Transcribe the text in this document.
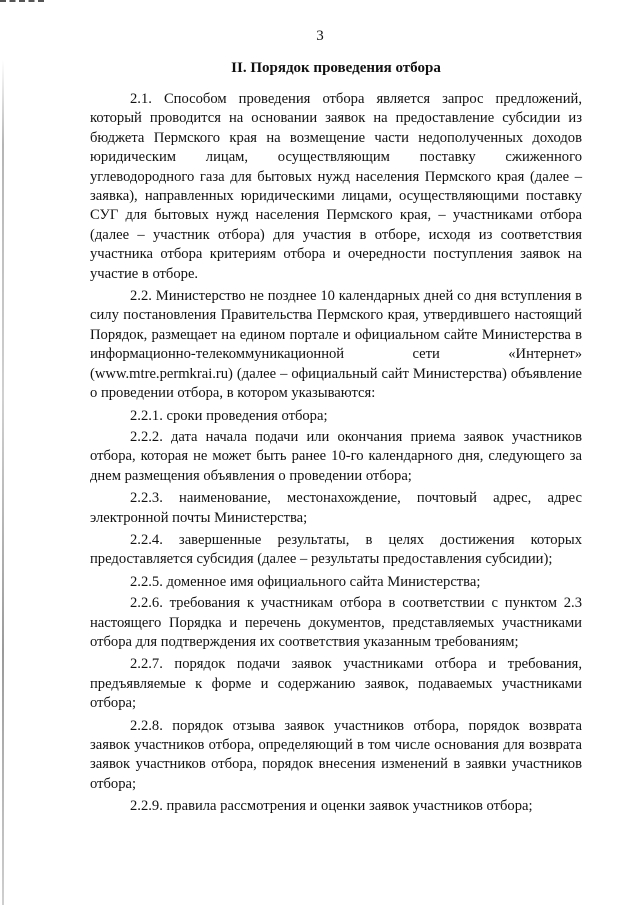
3
II. Порядок проведения отбора

2.1. Способом проведения отбора является запрос предложений, который проводится на основании заявок на предоставление субсидии из бюджета Пермского края на возмещение части недополученных доходов юридическим лицам, осуществляющим поставку сжиженного углеводородного газа для бытовых нужд населения Пермского края (далее – заявка), направленных юридическими лицами, осуществляющими поставку СУГ для бытовых нужд населения Пермского края, – участниками отбора (далее – участник отбора) для участия в отборе, исходя из соответствия участника отбора критериям отбора и очередности поступления заявок на участие в отборе.

2.2. Министерство не позднее 10 календарных дней со дня вступления в силу постановления Правительства Пермского края, утвердившего настоящий Порядок, размещает на едином портале и официальном сайте Министерства в информационно-телекоммуникационной сети «Интернет» (www.mtre.permkrai.ru) (далее – официальный сайт Министерства) объявление о проведении отбора, в котором указываются:

2.2.1. сроки проведения отбора;

2.2.2. дата начала подачи или окончания приема заявок участников отбора, которая не может быть ранее 10-го календарного дня, следующего за днем размещения объявления о проведении отбора;

2.2.3. наименование, местонахождение, почтовый адрес, адрес электронной почты Министерства;

2.2.4. завершенные результаты, в целях достижения которых предоставляется субсидия (далее – результаты предоставления субсидии);

2.2.5. доменное имя официального сайта Министерства;

2.2.6. требования к участникам отбора в соответствии с пунктом 2.3 настоящего Порядка и перечень документов, представляемых участниками отбора для подтверждения их соответствия указанным требованиям;

2.2.7. порядок подачи заявок участниками отбора и требования, предъявляемые к форме и содержанию заявок, подаваемых участниками отбора;

2.2.8. порядок отзыва заявок участников отбора, порядок возврата заявок участников отбора, определяющий в том числе основания для возврата заявок участников отбора, порядок внесения изменений в заявки участников отбора;

2.2.9. правила рассмотрения и оценки заявок участников отбора;
